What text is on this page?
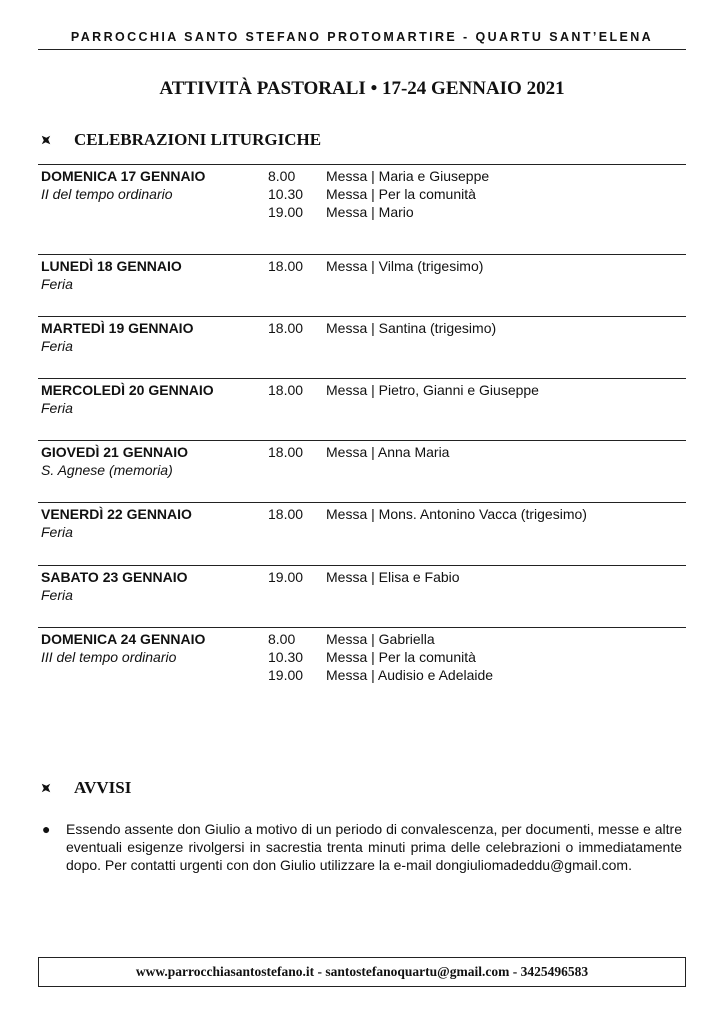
PARROCCHIA SANTO STEFANO PROTOMARTIRE - QUARTU SANT’ELENA
ATTIVITÀ PASTORALI • 17-24 GENNAIO 2021
CELEBRAZIONI LITURGICHE
DOMENICA 17 GENNAIO
II del tempo ordinario
8.00	Messa | Maria e Giuseppe
10.30	Messa | Per la comunità
19.00	Messa | Mario
LUNEDÌ 18 GENNAIO
Feria
18.00	Messa | Vilma (trigesimo)
MARTEDÌ 19 GENNAIO
Feria
18.00	Messa | Santina (trigesimo)
MERCOLEDÌ 20 GENNAIO
Feria
18.00	Messa | Pietro, Gianni e Giuseppe
GIOVEDÌ 21 GENNAIO
S. Agnese (memoria)
18.00	Messa | Anna Maria
VENERDÌ 22 GENNAIO
Feria
18.00	Messa | Mons. Antonino Vacca (trigesimo)
SABATO 23 GENNAIO
Feria
19.00	Messa | Elisa e Fabio
DOMENICA 24 GENNAIO
III del tempo ordinario
8.00	Messa | Gabriella
10.30	Messa | Per la comunità
19.00	Messa | Audisio e Adelaide
AVVISI
●	Essendo assente don Giulio a motivo di un periodo di convalescenza, per documenti, messe e altre eventuali esigenze rivolgersi in sacrestia trenta minuti prima delle celebrazioni o immediatamente dopo. Per contatti urgenti con don Giulio utilizzare la e-mail dongiuliomadeddu@gmail.com.
www.parrocchiasantostefano.it - santostefanoquartu@gmail.com - 3425496583
